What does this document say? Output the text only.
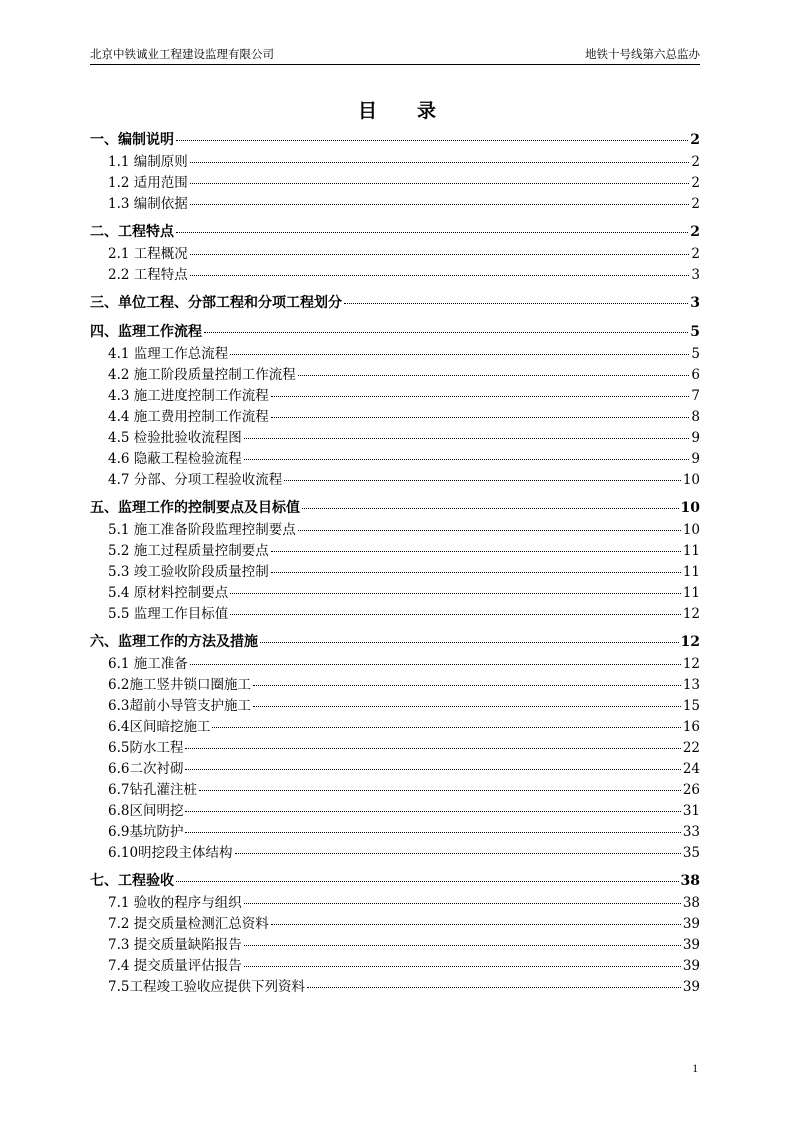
北京中铁诚业工程建设监理有限公司	地铁十号线第六总监办
目录
一、编制说明	2
1.1 编制原则	2
1.2 适用范围	2
1.3 编制依据	2
二、工程特点	2
2.1 工程概况	2
2.2 工程特点	3
三、单位工程、分部工程和分项工程划分	3
四、监理工作流程	5
4.1 监理工作总流程	5
4.2 施工阶段质量控制工作流程	6
4.3 施工进度控制工作流程	7
4.4 施工费用控制工作流程	8
4.5 检验批验收流程图	9
4.6 隐蔽工程检验流程	9
4.7 分部、分项工程验收流程	10
五、监理工作的控制要点及目标值	10
5.1 施工准备阶段监理控制要点	10
5.2 施工过程质量控制要点	11
5.3 竣工验收阶段质量控制	11
5.4 原材料控制要点	11
5.5 监理工作目标值	12
六、监理工作的方法及措施	12
6.1 施工准备	12
6.2施工竖井锁口圈施工	13
6.3超前小导管支护施工	15
6.4区间暗挖施工	16
6.5防水工程	22
6.6二次衬砌	24
6.7钻孔灌注桩	26
6.8区间明挖	31
6.9基坑防护	33
6.10明挖段主体结构	35
七、工程验收	38
7.1 验收的程序与组织	38
7.2 提交质量检测汇总资料	39
7.3 提交质量缺陷报告	39
7.4 提交质量评估报告	39
7.5工程竣工验收应提供下列资料	39
1
